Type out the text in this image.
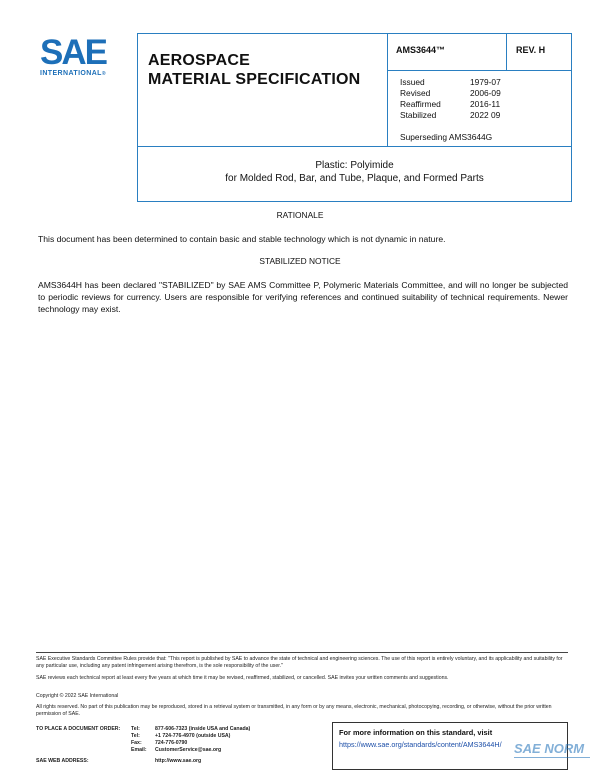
SAE
INTERNATIONAL®
AEROSPACE
MATERIAL SPECIFICATION
AMS3644™	REV. H
Issued	1979-07
Revised	2006-09
Reaffirmed	2016-11
Stabilized	2022 09
Superseding AMS3644G
Plastic: Polyimide
for Molded Rod, Bar, and Tube, Plaque, and Formed Parts
RATIONALE
This document has been determined to contain basic and stable technology which is not dynamic in nature.
STABILIZED NOTICE
AMS3644H has been declared "STABILIZED" by SAE AMS Committee P, Polymeric Materials Committee, and will no longer be subjected to periodic reviews for currency. Users are responsible for verifying references and continued suitability of technical requirements. Newer technology may exist.
SAE Executive Standards Committee Rules provide that: "This report is published by SAE to advance the state of technical and engineering sciences. The use of this report is entirely voluntary, and its applicability and suitability for any particular use, including any patent infringement arising therefrom, is the sole responsibility of the user."
SAE reviews each technical report at least every five years at which time it may be revised, reaffirmed, stabilized, or cancelled. SAE invites your written comments and suggestions.
Copyright © 2022 SAE International
All rights reserved. No part of this publication may be reproduced, stored in a retrieval system or transmitted, in any form or by any means, electronic, mechanical, photocopying, recording, or otherwise, without the prior written permission of SAE.
TO PLACE A DOCUMENT ORDER: Tel:	877-606-7323 (inside USA and Canada)
Tel:	+1 724-776-4970 (outside USA)
Fax:	724-776-0790
Email: CustomerService@sae.org
SAE WEB ADDRESS:	http://www.sae.org
For more information on this standard, visit
https://www.sae.org/standards/content/AMS3644H/ SAE NORM
